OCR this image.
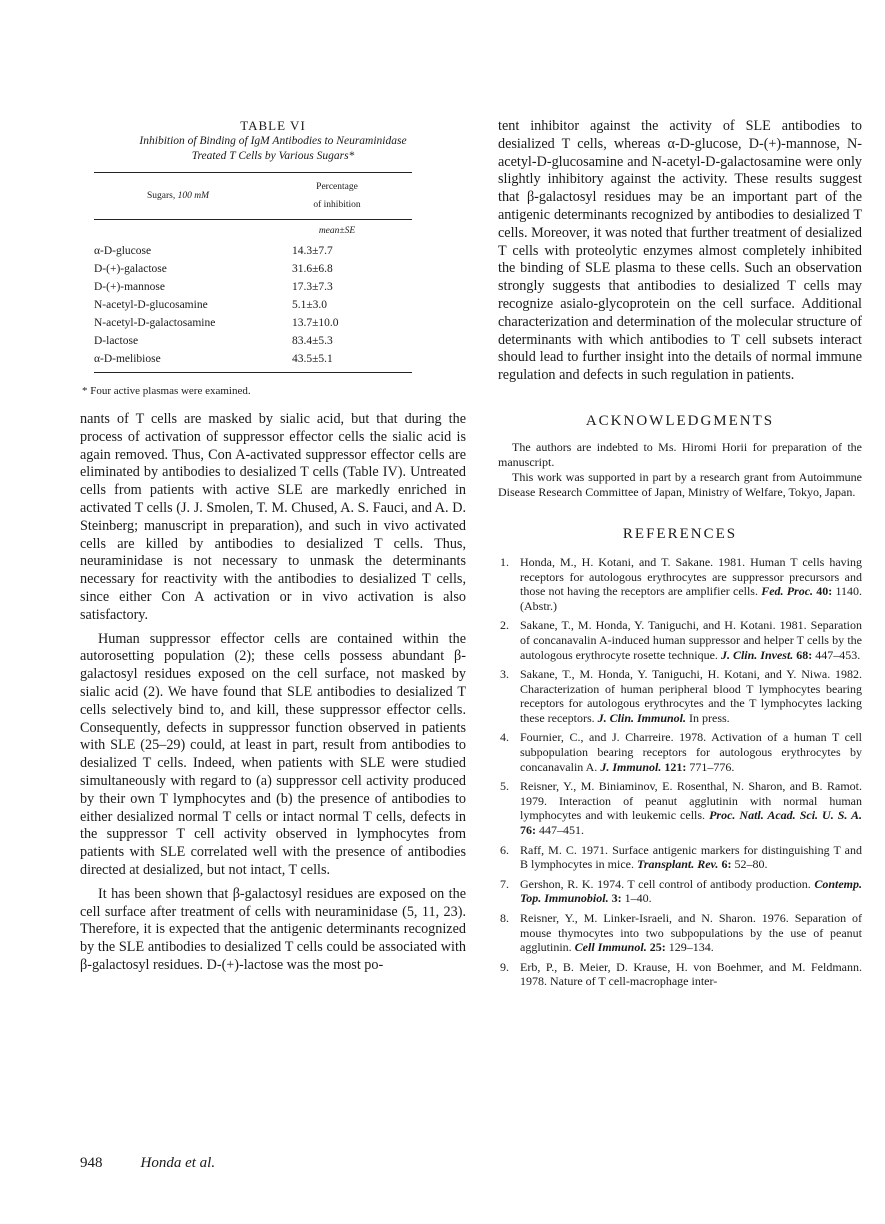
TABLE VI

Inhibition of Binding of IgM Antibodies to Neuraminidase
Treated T Cells by Various Sugars*

Sugars, 100 mM	Percentage
of inhibition

	mean±SE
α-D-glucose	14.3±7.7
D-(+)-galactose	31.6±6.8
D-(+)-mannose	17.3±7.3
N-acetyl-D-glucosamine	5.1±3.0
N-acetyl-D-galactosamine	13.7±10.0
D-lactose	83.4±5.3
α-D-melibiose	43.5±5.1

* Four active plasmas were examined.

nants of T cells are masked by sialic acid, but that during the process of activation of suppressor effector cells the sialic acid is again removed. Thus, Con A-activated suppressor effector cells are eliminated by antibodies to desialized T cells (Table IV). Untreated cells from patients with active SLE are markedly enriched in activated T cells (J. J. Smolen, T. M. Chused, A. S. Fauci, and A. D. Steinberg; manuscript in preparation), and such in vivo activated cells are killed by antibodies to desialized T cells. Thus, neuraminidase is not necessary to unmask the determinants necessary for reactivity with the antibodies to desialized T cells, since either Con A activation or in vivo activation is also satisfactory.

Human suppressor effector cells are contained within the autorosetting population (2); these cells possess abundant β-galactosyl residues exposed on the cell surface, not masked by sialic acid (2). We have found that SLE antibodies to desialized T cells selectively bind to, and kill, these suppressor effector cells. Consequently, defects in suppressor function observed in patients with SLE (25–29) could, at least in part, result from antibodies to desialized T cells. Indeed, when patients with SLE were studied simultaneously with regard to (a) suppressor cell activity produced by their own T lymphocytes and (b) the presence of antibodies to either desialized normal T cells or intact normal T cells, defects in the suppressor T cell activity observed in lymphocytes from patients with SLE correlated well with the presence of antibodies directed at desialized, but not intact, T cells.

It has been shown that β-galactosyl residues are exposed on the cell surface after treatment of cells with neuraminidase (5, 11, 23). Therefore, it is expected that the antigenic determinants recognized by the SLE antibodies to desialized T cells could be associated with β-galactosyl residues. D-(+)-lactose was the most po-

tent inhibitor against the activity of SLE antibodies to desialized T cells, whereas α-D-glucose, D-(+)-mannose, N-acetyl-D-glucosamine and N-acetyl-D-galactosamine were only slightly inhibitory against the activity. These results suggest that β-galactosyl residues may be an important part of the antigenic determinants recognized by antibodies to desialized T cells. Moreover, it was noted that further treatment of desialized T cells with proteolytic enzymes almost completely inhibited the binding of SLE plasma to these cells. Such an observation strongly suggests that antibodies to desialized T cells may recognize asialo-glycoprotein on the cell surface. Additional characterization and determination of the molecular structure of determinants with which antibodies to T cell subsets interact should lead to further insight into the details of normal immune regulation and defects in such regulation in patients.

ACKNOWLEDGMENTS

The authors are indebted to Ms. Hiromi Horii for preparation of the manuscript.

This work was supported in part by a research grant from Autoimmune Disease Research Committee of Japan, Ministry of Welfare, Tokyo, Japan.

REFERENCES
1. Honda, M., H. Kotani, and T. Sakane. 1981. Human T cells having receptors for autologous erythrocytes are suppressor precursors and those not having the receptors are amplifier cells. Fed. Proc. 40: 1140. (Abstr.)
2. Sakane, T., M. Honda, Y. Taniguchi, and H. Kotani. 1981. Separation of concanavalin A-induced human suppressor and helper T cells by the autologous erythrocyte rosette technique. J. Clin. Invest. 68: 447–453.
3. Sakane, T., M. Honda, Y. Taniguchi, H. Kotani, and Y. Niwa. 1982. Characterization of human peripheral blood T lymphocytes bearing receptors for autologous erythrocytes and the T lymphocytes lacking these receptors. J. Clin. Immunol. In press.
4. Fournier, C., and J. Charreire. 1978. Activation of a human T cell subpopulation bearing receptors for autologous erythrocytes by concanavalin A. J. Immunol. 121: 771–776.
5. Reisner, Y., M. Biniaminov, E. Rosenthal, N. Sharon, and B. Ramot. 1979. Interaction of peanut agglutinin with normal human lymphocytes and with leukemic cells. Proc. Natl. Acad. Sci. U. S. A. 76: 447–451.
6. Raff, M. C. 1971. Surface antigenic markers for distinguishing T and B lymphocytes in mice. Transplant. Rev. 6: 52–80.
7. Gershon, R. K. 1974. T cell control of antibody production. Contemp. Top. Immunobiol. 3: 1–40.
8. Reisner, Y., M. Linker-Israeli, and N. Sharon. 1976. Separation of mouse thymocytes into two subpopulations by the use of peanut agglutinin. Cell Immunol. 25: 129–134.
9. Erb, P., B. Meier, D. Krause, H. von Boehmer, and M. Feldmann. 1978. Nature of T cell-macrophage inter-
948	Honda et al.
